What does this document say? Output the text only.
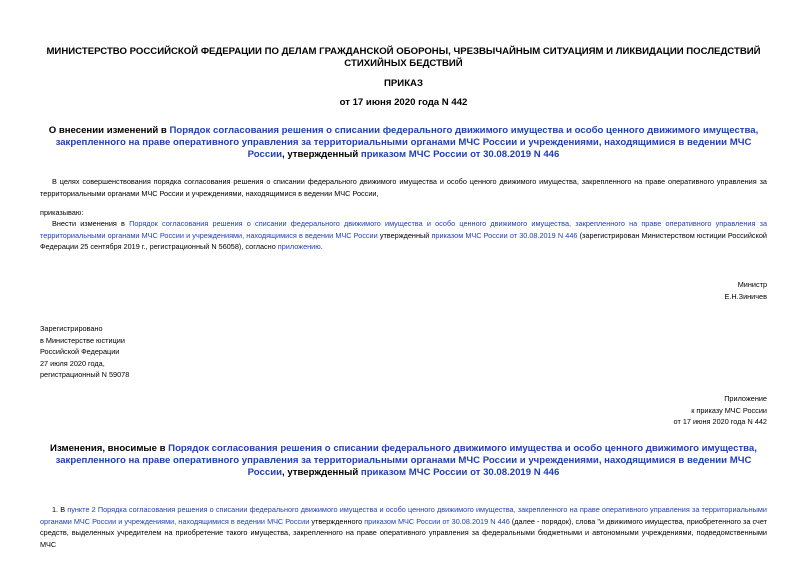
МИНИСТЕРСТВО РОССИЙСКОЙ ФЕДЕРАЦИИ ПО ДЕЛАМ ГРАЖДАНСКОЙ ОБОРОНЫ, ЧРЕЗВЫЧАЙНЫМ СИТУАЦИЯМ И ЛИКВИДАЦИИ ПОСЛЕДСТВИЙ СТИХИЙНЫХ БЕДСТВИЙ
ПРИКАЗ
от 17 июня 2020 года N 442
О внесении изменений в Порядок согласования решения о списании федерального движимого имущества и особо ценного движимого имущества, закрепленного на праве оперативного управления за территориальными органами МЧС России и учреждениями, находящимися в ведении МЧС России, утвержденный приказом МЧС России от 30.08.2019 N 446
В целях совершенствования порядка согласования решения о списании федерального движимого имущества и особо ценного движимого имущества, закрепленного на праве оперативного управления за территориальными органами МЧС России и учреждениями, находящимися в ведении МЧС России,
приказываю:
Внести изменения в Порядок согласования решения о списании федерального движимого имущества и особо ценного движимого имущества, закрепленного на праве оперативного управления за территориальными органами МЧС России и учреждениями, находящимися в ведении МЧС России утвержденный приказом МЧС России от 30.08.2019 N 446 (зарегистрирован Министерством юстиции Российской Федерации 25 сентября 2019 г., регистрационный N 56058), согласно приложению.
Министр
Е.Н.Зиничев
Зарегистрировано
в Министерстве юстиции
Российской Федерации
27 июля 2020 года,
регистрационный N 59078
Приложение
к приказу МЧС России
от 17 июня 2020 года N 442
Изменения, вносимые в Порядок согласования решения о списании федерального движимого имущества и особо ценного движимого имущества, закрепленного на праве оперативного управления за территориальными органами МЧС России и учреждениями, находящимися в ведении МЧС России, утвержденный приказом МЧС России от 30.08.2019 N 446
1. В пункте 2 Порядка согласования решения о списании федерального движимого имущества и особо ценного движимого имущества, закрепленного на праве оперативного управления за территориальными органами МЧС России и учреждениями, находящимися в ведении МЧС России утвержденного приказом МЧС России от 30.08.2019 N 446 (далее - порядок), слова "и движимого имущества, приобретенного за счет средств, выделенных учредителем на приобретение такого имущества, закрепленного на праве оперативного управления за федеральными бюджетными и автономными учреждениями, подведомственными МЧС
